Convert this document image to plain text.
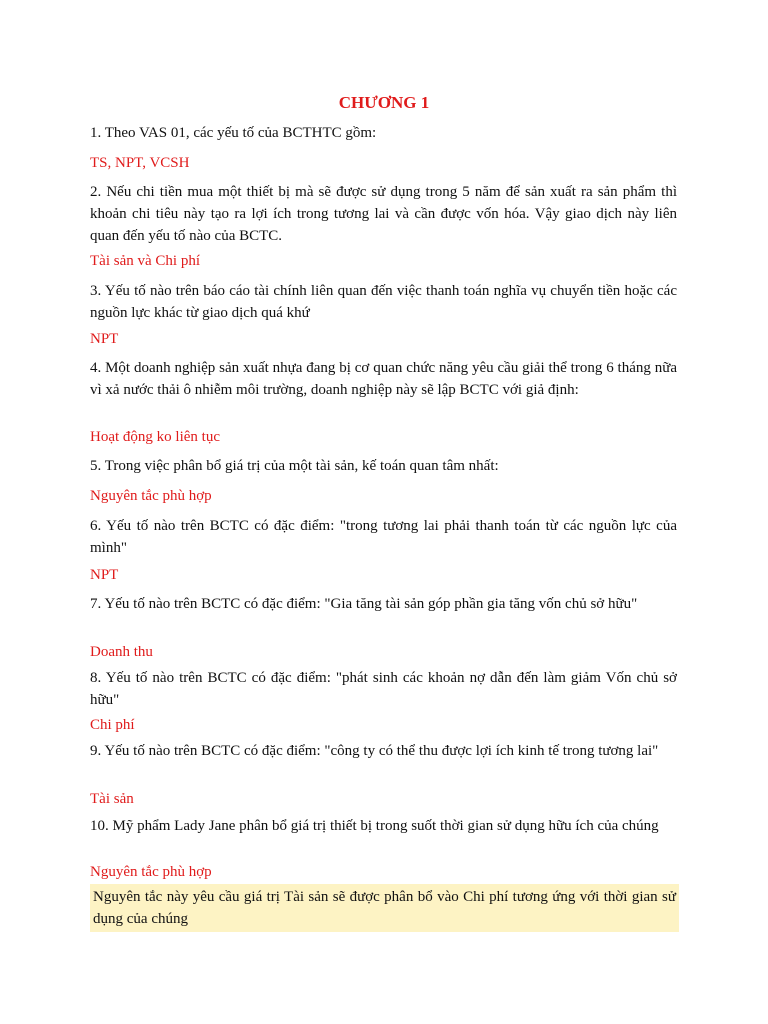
CHƯƠNG 1

1. Theo VAS 01, các yếu tố của BCTHTC gồm:

TS, NPT, VCSH

2. Nếu chi tiền mua một thiết bị mà sẽ được sử dụng trong 5 năm để sản xuất ra sản phẩm thì khoản chi tiêu này tạo ra lợi ích trong tương lai và cần được vốn hóa. Vậy giao dịch này liên quan đến yếu tố nào của BCTC.

Tài sản và Chi phí

3. Yếu tố nào trên báo cáo tài chính liên quan đến việc thanh toán nghĩa vụ chuyển tiền hoặc các nguồn lực khác từ giao dịch quá khứ

NPT

4. Một doanh nghiệp sản xuất nhựa đang bị cơ quan chức năng yêu cầu giải thể trong 6 tháng nữa vì xả nước thải ô nhiễm môi trường, doanh nghiệp này sẽ lập BCTC với giả định:

Hoạt động ko liên tục

5. Trong việc phân bổ giá trị của một tài sản, kế toán quan tâm nhất:

Nguyên tắc phù hợp

6. Yếu tố nào trên BCTC có đặc điểm: "trong tương lai phải thanh toán từ các nguồn lực của mình"

NPT

7. Yếu tố nào trên BCTC có đặc điểm: "Gia tăng tài sản góp phần gia tăng vốn chủ sở hữu"

Doanh thu

8. Yếu tố nào trên BCTC có đặc điểm: "phát sinh các khoản nợ dẫn đến làm giảm Vốn chủ sở hữu"

Chi phí

9. Yếu tố nào trên BCTC có đặc điểm: "công ty có thể thu được lợi ích kinh tế trong tương lai"

Tài sản

10. Mỹ phẩm Lady Jane phân bổ giá trị thiết bị trong suốt thời gian sử dụng hữu ích của chúng

Nguyên tắc phù hợp

Nguyên tắc này yêu cầu giá trị Tài sản sẽ được phân bổ vào Chi phí tương ứng với thời gian sử dụng của chúng
